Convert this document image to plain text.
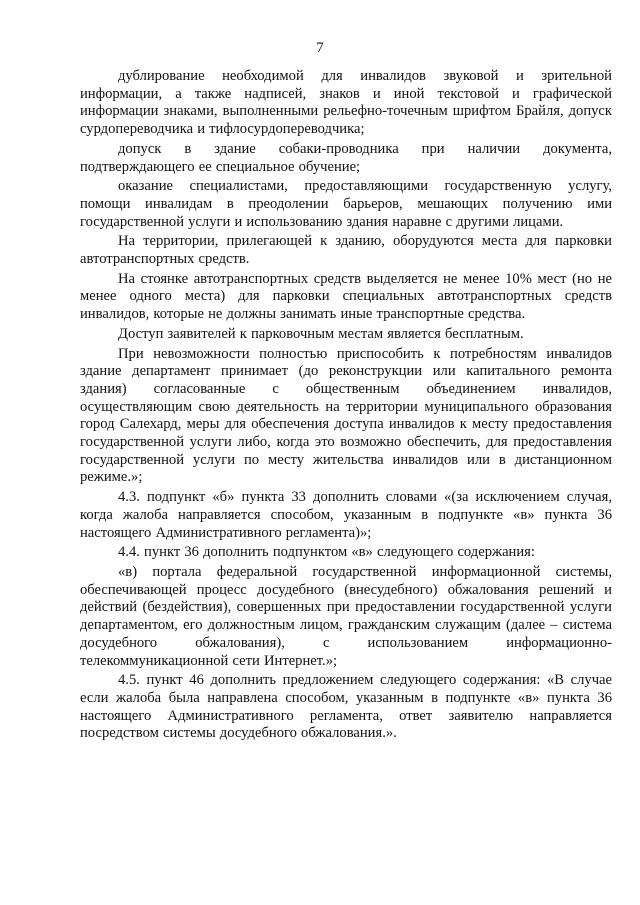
7

дублирование необходимой для инвалидов звуковой и зрительной информации, а также надписей, знаков и иной текстовой и графической информации знаками, выполненными рельефно-точечным шрифтом Брайля, допуск сурдопереводчика и тифлосурдопереводчика;

допуск в здание собаки-проводника при наличии документа, подтверждающего ее специальное обучение;

оказание специалистами, предоставляющими государственную услугу, помощи инвалидам в преодолении барьеров, мешающих получению ими государственной услуги и использованию здания наравне с другими лицами.

На территории, прилегающей к зданию, оборудуются места для парковки автотранспортных средств.

На стоянке автотранспортных средств выделяется не менее 10% мест (но не менее одного места) для парковки специальных автотранспортных средств инвалидов, которые не должны занимать иные транспортные средства.

Доступ заявителей к парковочным местам является бесплатным.

При невозможности полностью приспособить к потребностям инвалидов здание департамент принимает (до реконструкции или капитального ремонта здания) согласованные с общественным объединением инвалидов, осуществляющим свою деятельность на территории муниципального образования город Салехард, меры для обеспечения доступа инвалидов к месту предоставления государственной услуги либо, когда это возможно обеспечить, для предоставления государственной услуги по месту жительства инвалидов или в дистанционном режиме.»;

4.3. подпункт «б» пункта 33 дополнить словами «(за исключением случая, когда жалоба направляется способом, указанным в подпункте «в» пункта 36 настоящего Административного регламента)»;

4.4. пункт 36 дополнить подпунктом «в» следующего содержания:

«в) портала федеральной государственной информационной системы, обеспечивающей процесс досудебного (внесудебного) обжалования решений и действий (бездействия), совершенных при предоставлении государственной услуги департаментом, его должностным лицом, гражданским служащим (далее – система досудебного обжалования), с использованием информационно-телекоммуникационной сети Интернет.»;

4.5. пункт 46 дополнить предложением следующего содержания: «В случае если жалоба была направлена способом, указанным в подпункте «в» пункта 36 настоящего Административного регламента, ответ заявителю направляется посредством системы досудебного обжалования.».
